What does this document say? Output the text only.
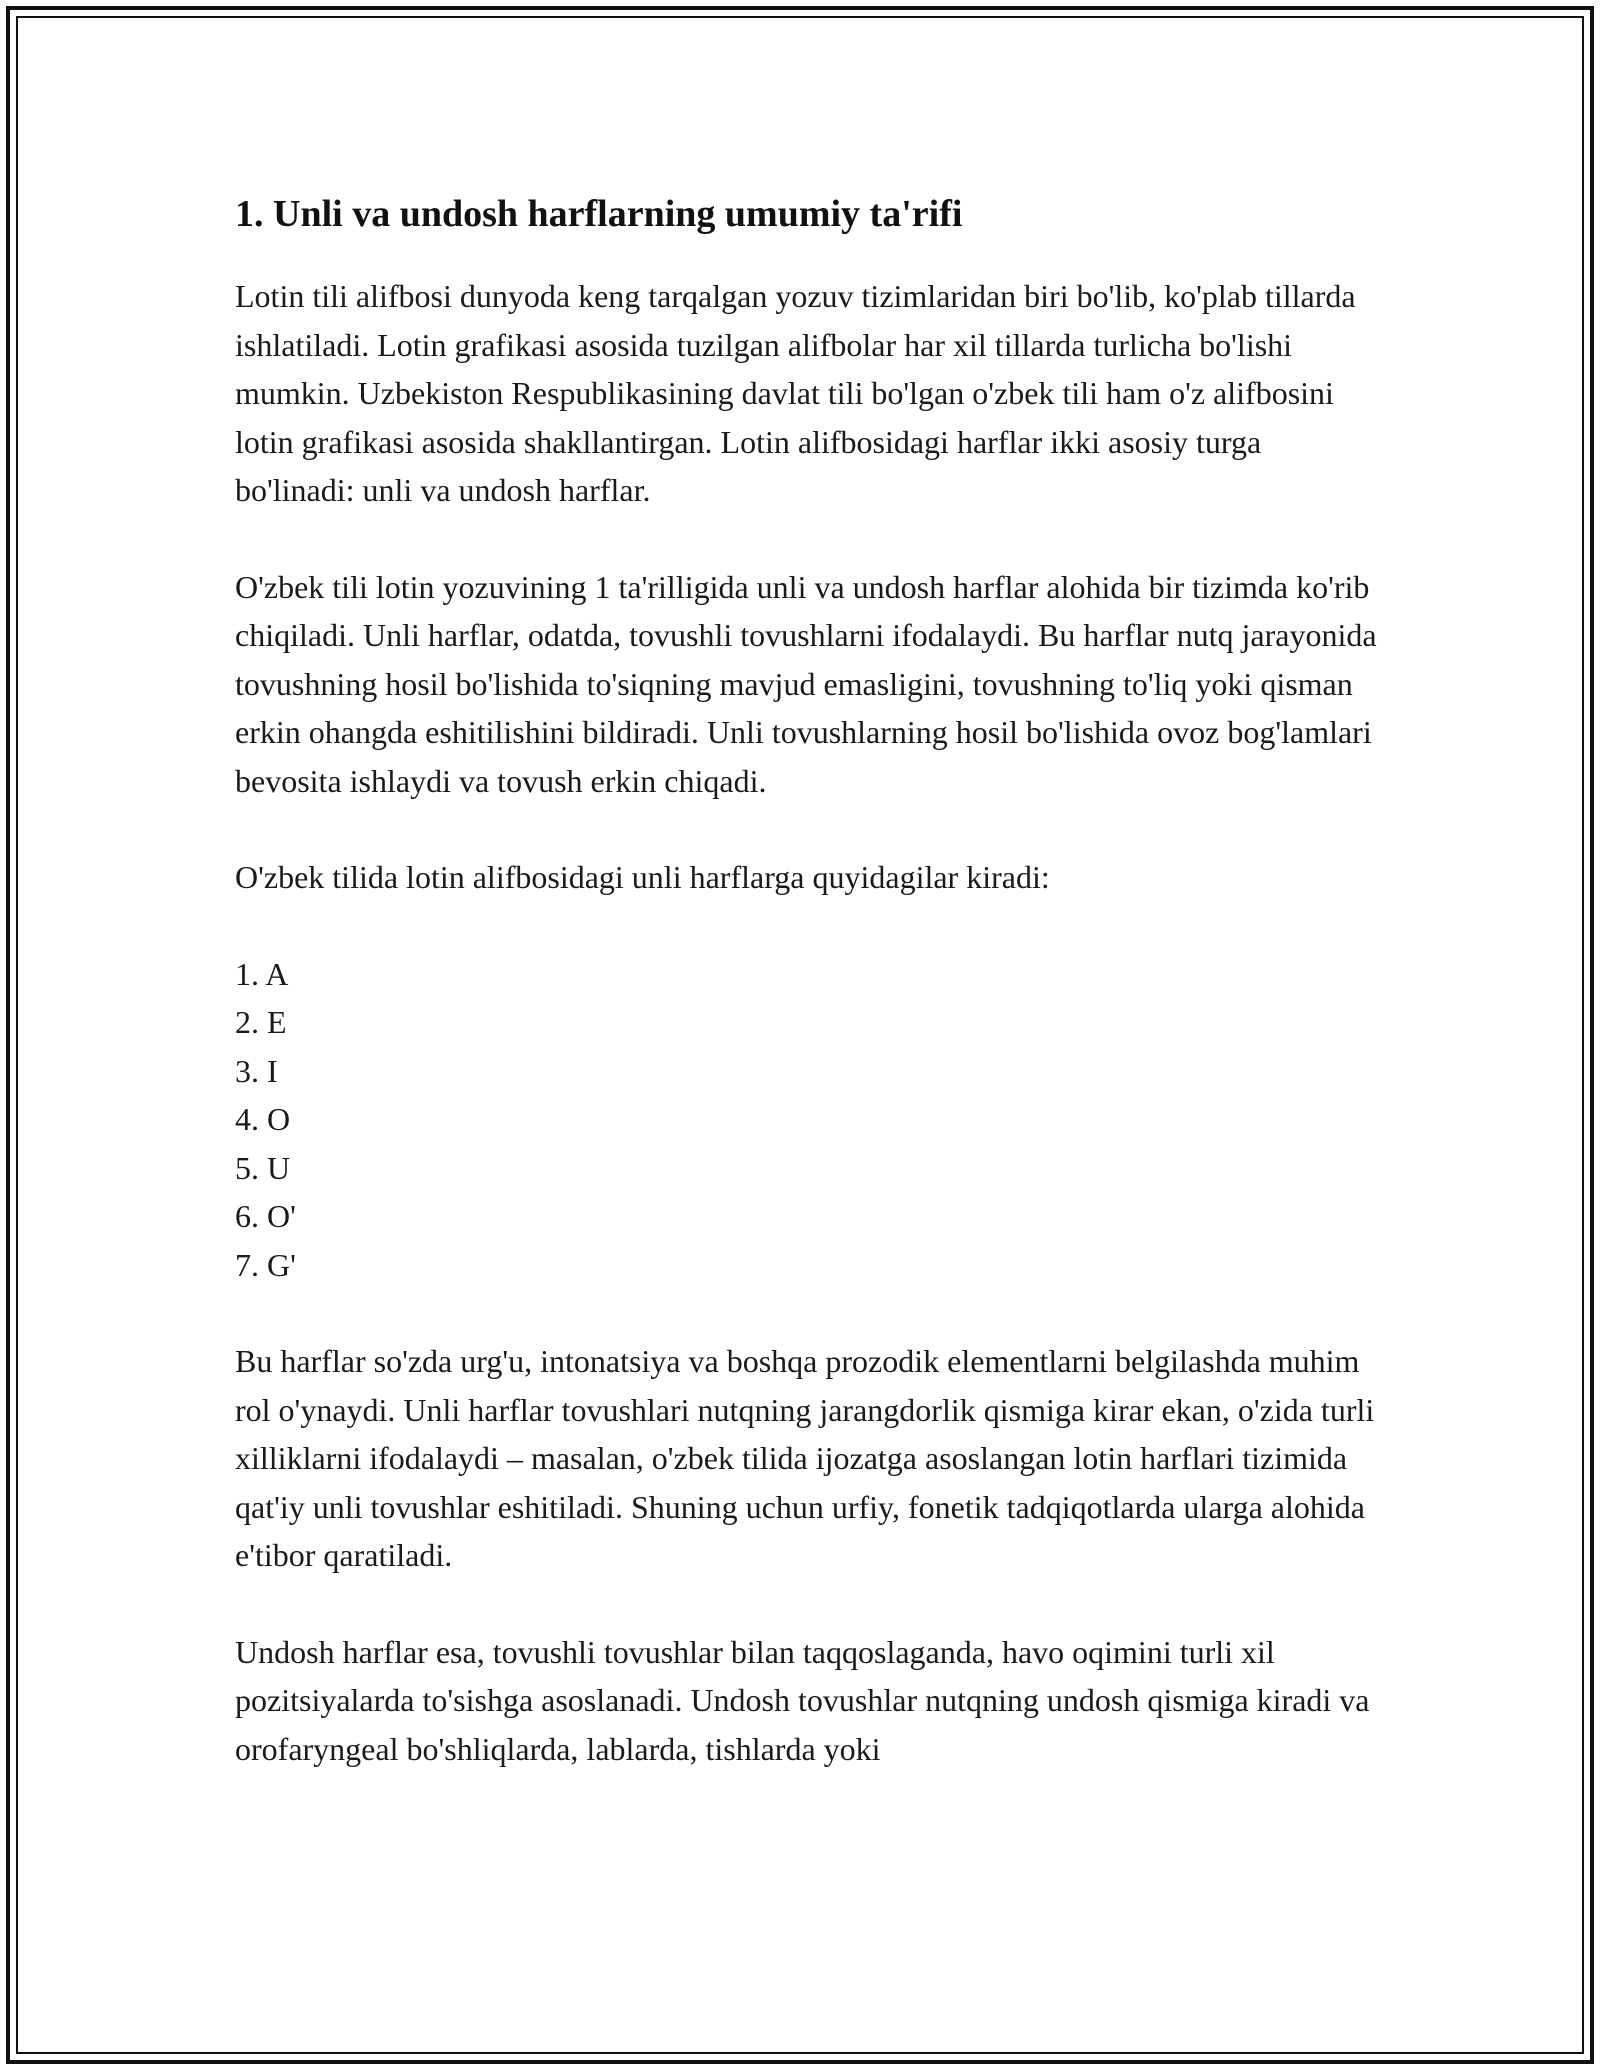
1. Unli va undosh harflarning umumiy ta'rifi

Lotin tili alifbosi dunyoda keng tarqalgan yozuv tizimlaridan biri bo'lib, ko'plab tillarda ishlatiladi. Lotin grafikasi asosida tuzilgan alifbolar har xil tillarda turlicha bo'lishi mumkin. Uzbekiston Respublikasining davlat tili bo'lgan o'zbek tili ham o'z alifbosini lotin grafikasi asosida shakllantirgan. Lotin alifbosidagi harflar ikki asosiy turga bo'linadi: unli va undosh harflar.

O'zbek tili lotin yozuvining 1 ta'rilligida unli va undosh harflar alohida bir tizimda ko'rib chiqiladi. Unli harflar, odatda, tovushli tovushlarni ifodalaydi. Bu harflar nutq jarayonida tovushning hosil bo'lishida to'siqning mavjud emasligini, tovushning to'liq yoki qisman erkin ohangda eshitilishini bildiradi. Unli tovushlarning hosil bo'lishida ovoz bog'lamlari bevosita ishlaydi va tovush erkin chiqadi.

O'zbek tilida lotin alifbosidagi unli harflarga quyidagilar kiradi:

1. A
2. E
3. I
4. O
5. U
6. O'
7. G'

Bu harflar so'zda urg'u, intonatsiya va boshqa prozodik elementlarni belgilashda muhim rol o'ynaydi. Unli harflar tovushlari nutqning jarangdorlik qismiga kirar ekan, o'zida turli xilliklarni ifodalaydi – masalan, o'zbek tilida ijozatga asoslangan lotin harflari tizimida qat'iy unli tovushlar eshitiladi. Shuning uchun urfiy, fonetik tadqiqotlarda ularga alohida e'tibor qaratiladi.

Undosh harflar esa, tovushli tovushlar bilan taqqoslaganda, havo oqimini turli xil pozitsiyalarda to'sishga asoslanadi. Undosh tovushlar nutqning undosh qismiga kiradi va orofaryngeal bo'shliqlarda, lablarda, tishlarda yoki
